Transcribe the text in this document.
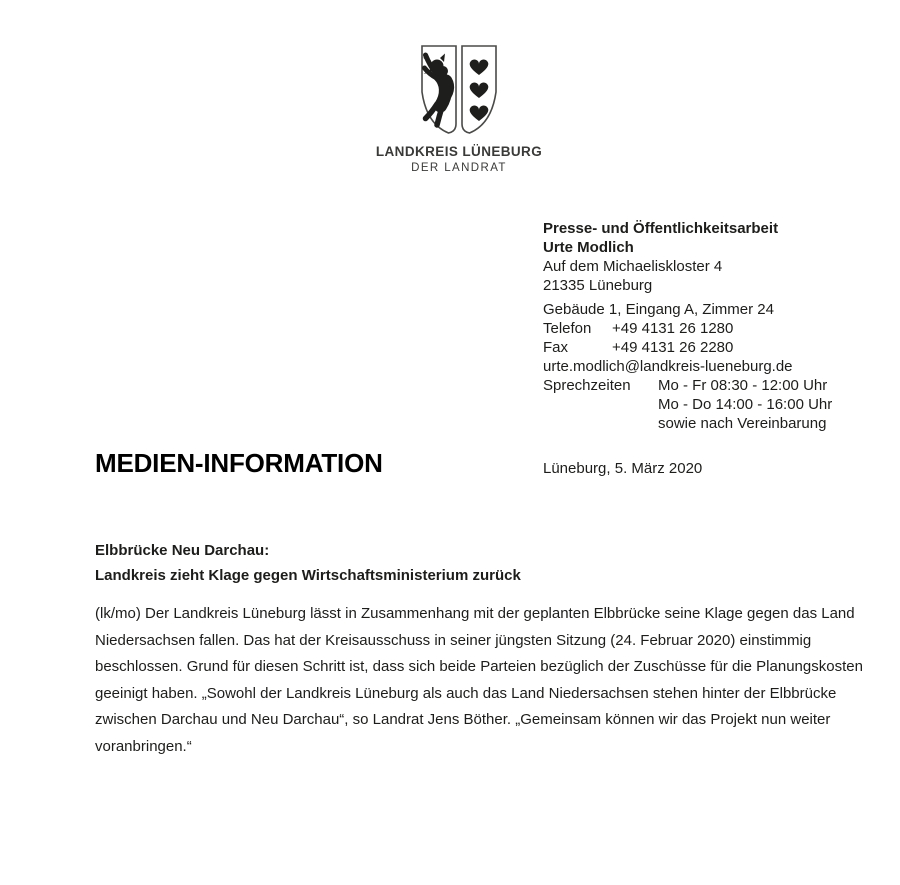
LANDKREIS LÜNEBURG
DER LANDRAT
Presse- und Öffentlichkeitsarbeit
Urte Modlich
Auf dem Michaeliskloster 4
21335 Lüneburg
Gebäude 1, Eingang A, Zimmer 24
Telefon +49 4131 26 1280
Fax	+49 4131 26 2280
urte.modlich@landkreis-lueneburg.de
Sprechzeiten Mo - Fr 08:30 - 12:00 Uhr
Mo - Do 14:00 - 16:00 Uhr
sowie nach Vereinbarung
MEDIEN-INFORMATION	Lüneburg, 5. März 2020
Elbbrücke Neu Darchau:
Landkreis zieht Klage gegen Wirtschaftsministerium zurück
(lk/mo) Der Landkreis Lüneburg lässt in Zusammenhang mit der geplanten Elbbrücke seine Klage gegen das Land Niedersachsen fallen. Das hat der Kreisausschuss in seiner jüngsten Sitzung (24. Februar 2020) einstimmig beschlossen. Grund für diesen Schritt ist, dass sich beide Parteien bezüglich der Zuschüsse für die Planungskosten geeinigt haben. „Sowohl der Landkreis Lüneburg als auch das Land Niedersachsen stehen hinter der Elbbrücke zwischen Darchau und Neu Darchau“, so Landrat Jens Böther. „Gemeinsam können wir das Projekt nun weiter voranbringen.“
